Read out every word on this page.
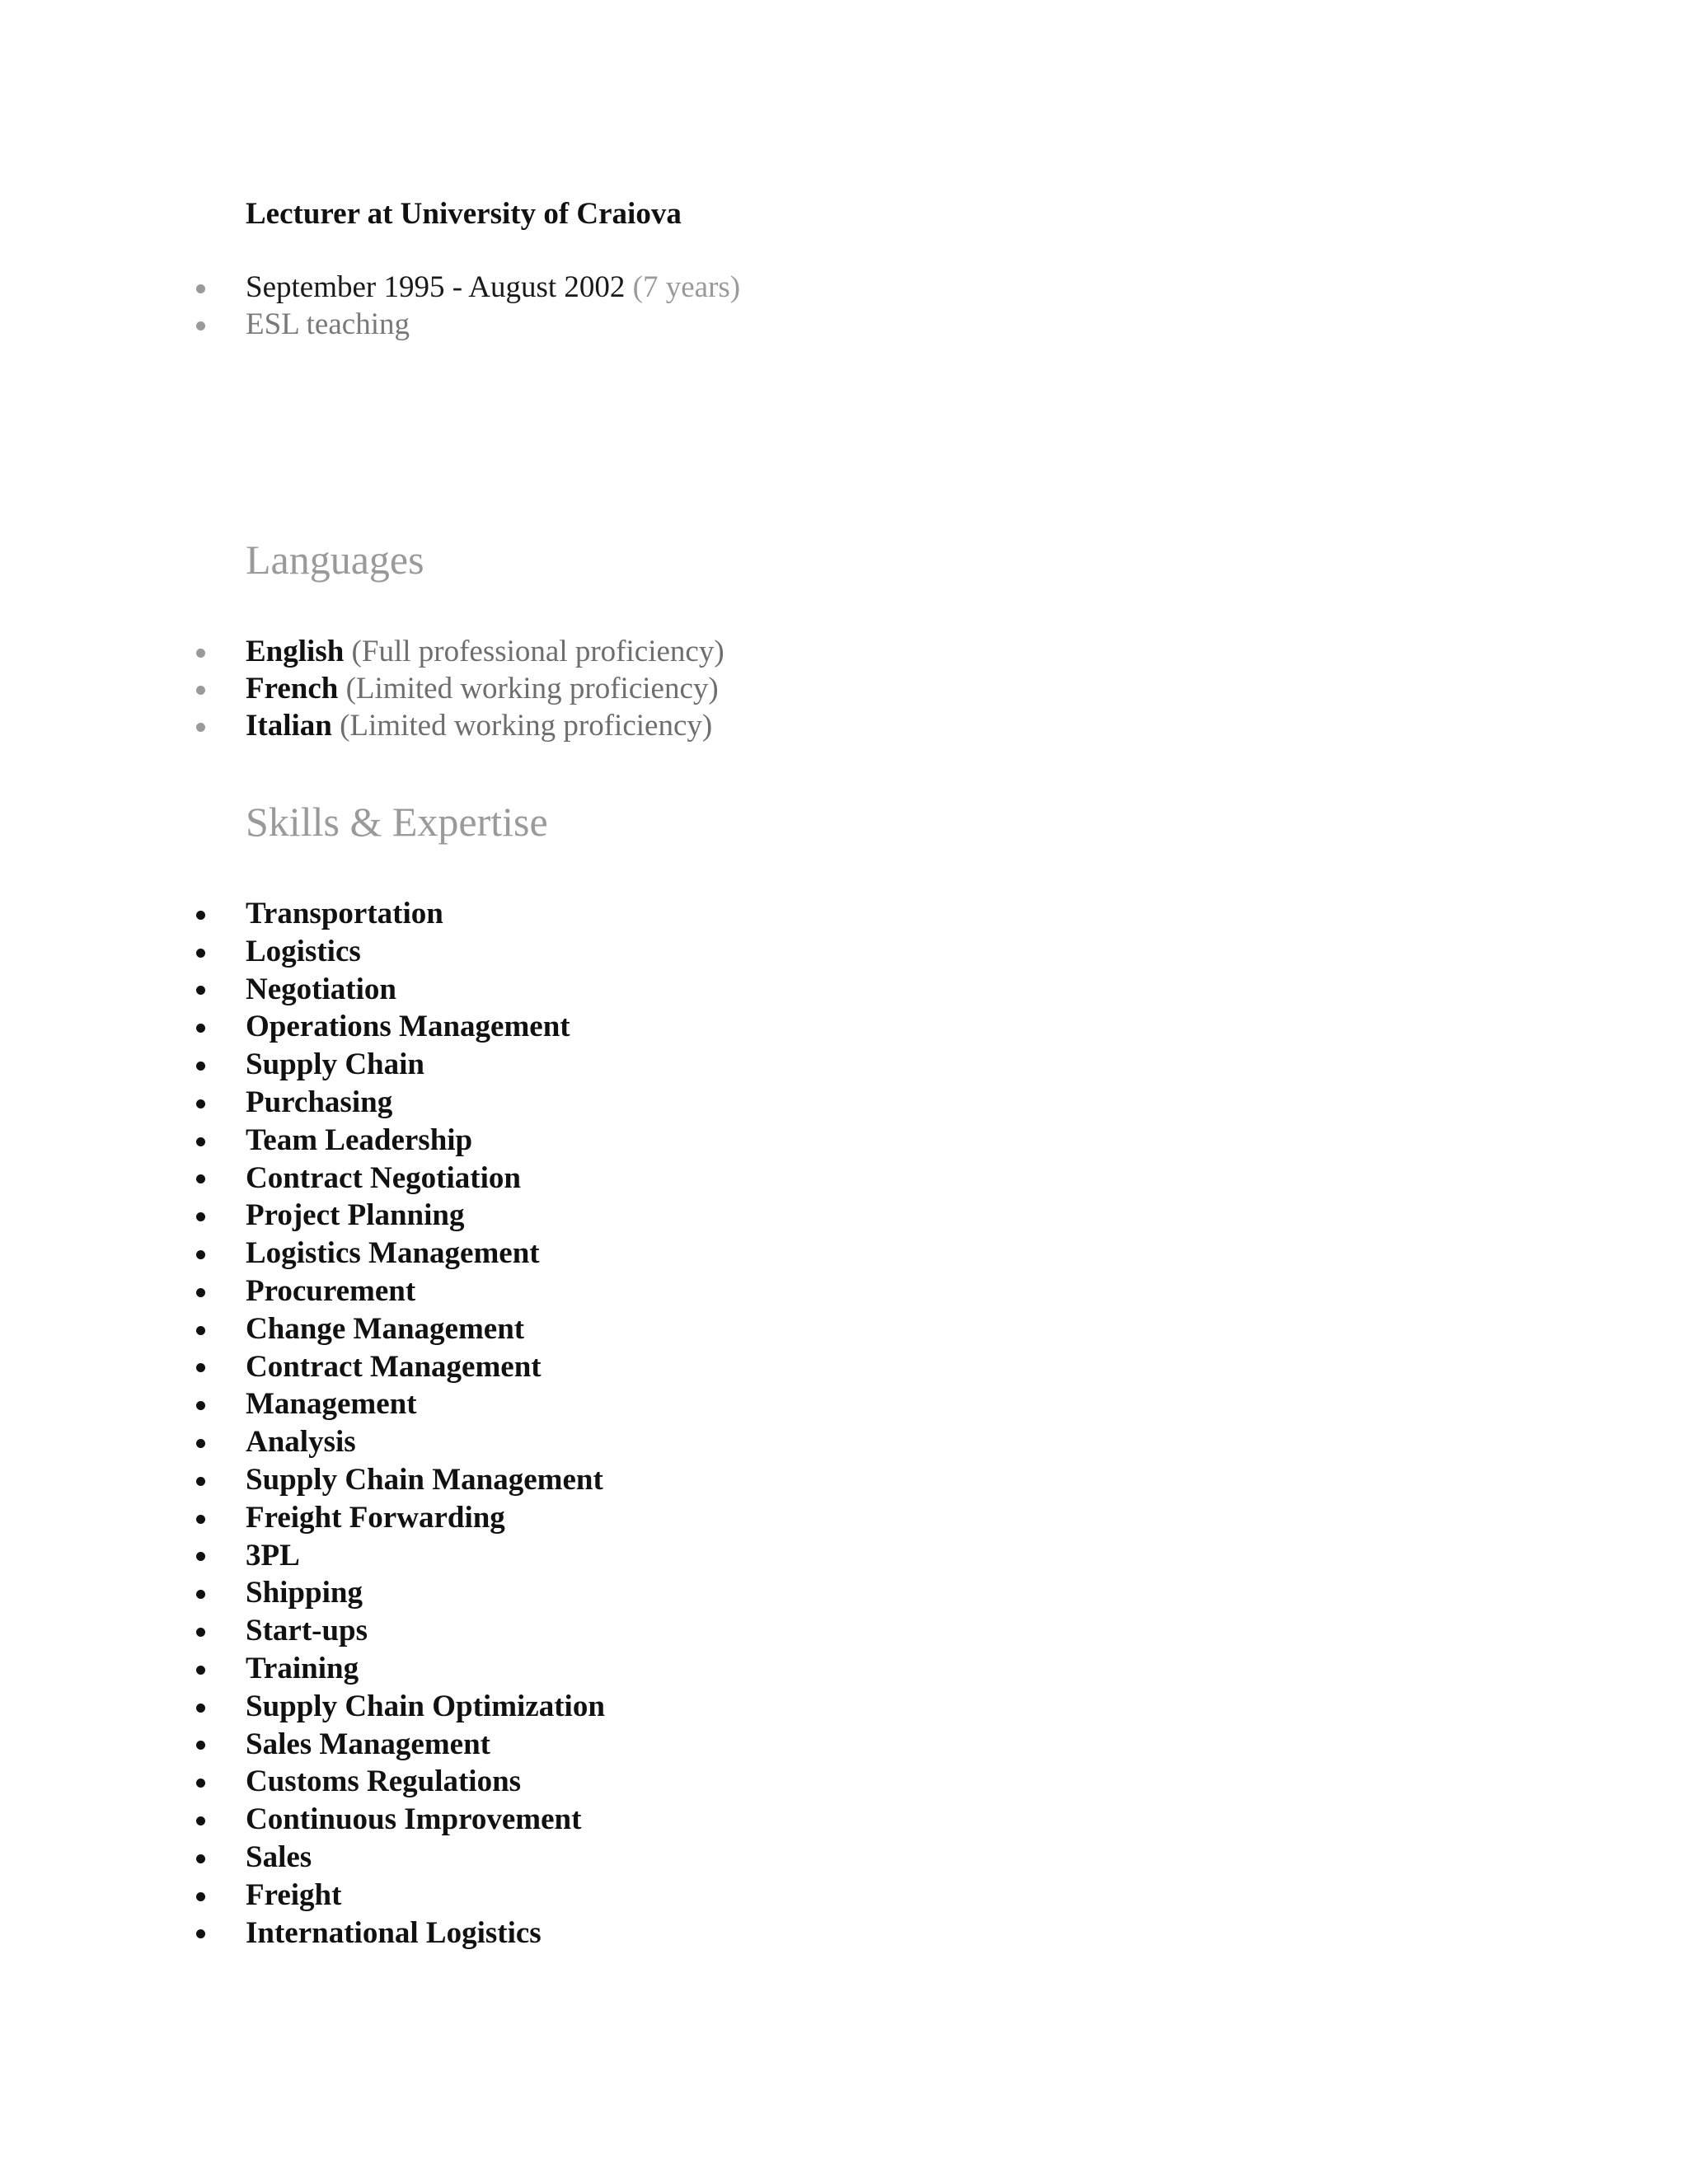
Lecturer at University of Craiova
September 1995 - August 2002 (7 years)
ESL teaching
Languages
English (Full professional proficiency)
French (Limited working proficiency)
Italian (Limited working proficiency)
Skills & Expertise
Transportation
Logistics
Negotiation
Operations Management
Supply Chain
Purchasing
Team Leadership
Contract Negotiation
Project Planning
Logistics Management
Procurement
Change Management
Contract Management
Management
Analysis
Supply Chain Management
Freight Forwarding
3PL
Shipping
Start-ups
Training
Supply Chain Optimization
Sales Management
Customs Regulations
Continuous Improvement
Sales
Freight
International Logistics
